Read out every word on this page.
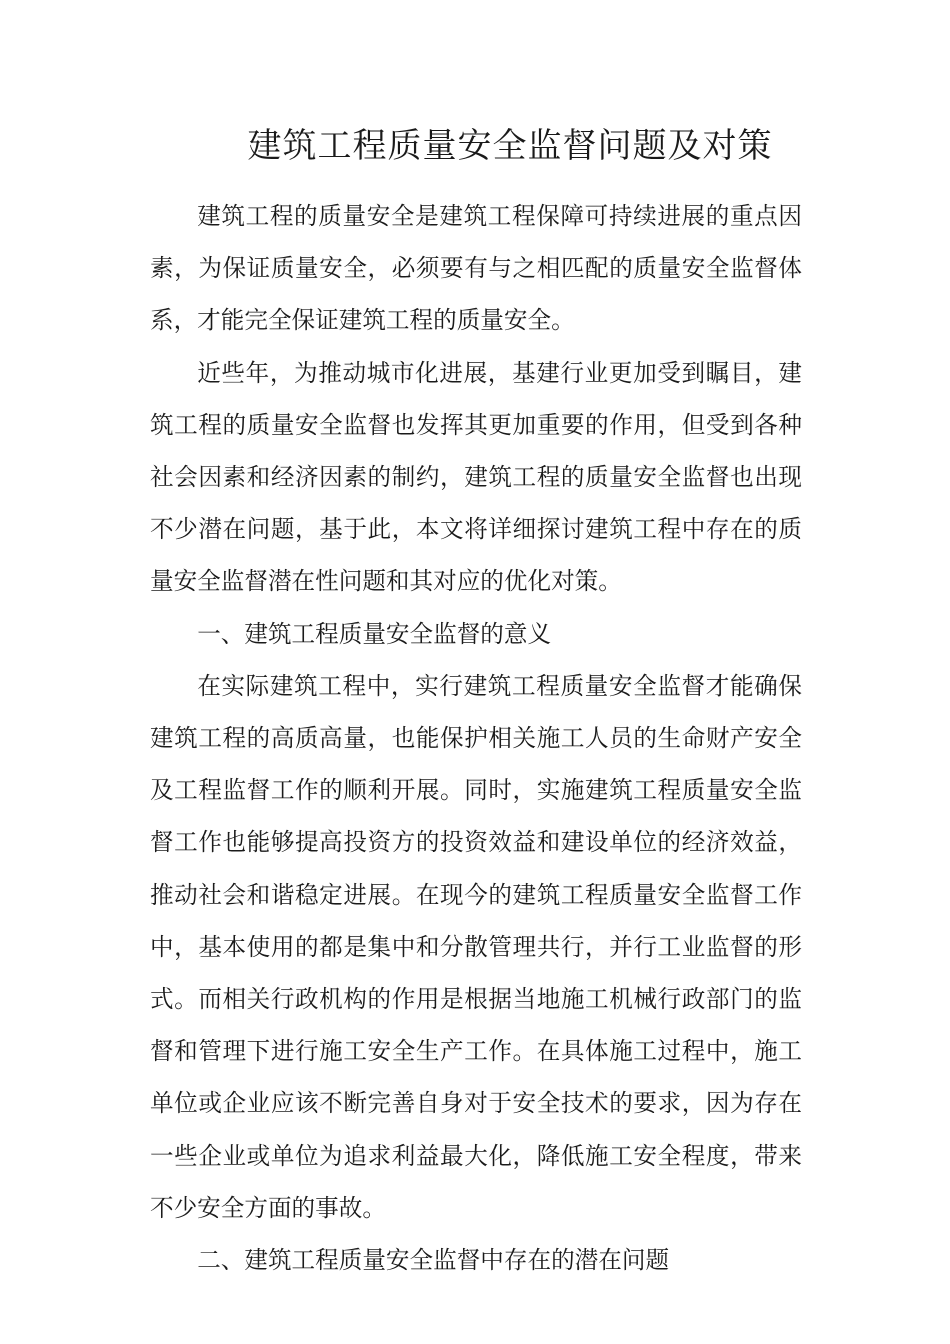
建筑工程质量安全监督问题及对策

建筑工程的质量安全是建筑工程保障可持续进展的重点因素，为保证质量安全，必须要有与之相匹配的质量安全监督体系，才能完全保证建筑工程的质量安全。

近些年，为推动城市化进展，基建行业更加受到瞩目，建筑工程的质量安全监督也发挥其更加重要的作用，但受到各种社会因素和经济因素的制约，建筑工程的质量安全监督也出现不少潜在问题，基于此，本文将详细探讨建筑工程中存在的质量安全监督潜在性问题和其对应的优化对策。

一、建筑工程质量安全监督的意义

在实际建筑工程中，实行建筑工程质量安全监督才能确保建筑工程的高质高量，也能保护相关施工人员的生命财产安全及工程监督工作的顺利开展。同时，实施建筑工程质量安全监督工作也能够提高投资方的投资效益和建设单位的经济效益，推动社会和谐稳定进展。在现今的建筑工程质量安全监督工作中，基本使用的都是集中和分散管理共行，并行工业监督的形式。而相关行政机构的作用是根据当地施工机械行政部门的监督和管理下进行施工安全生产工作。在具体施工过程中，施工单位或企业应该不断完善自身对于安全技术的要求，因为存在一些企业或单位为追求利益最大化，降低施工安全程度，带来不少安全方面的事故。

二、建筑工程质量安全监督中存在的潜在问题
